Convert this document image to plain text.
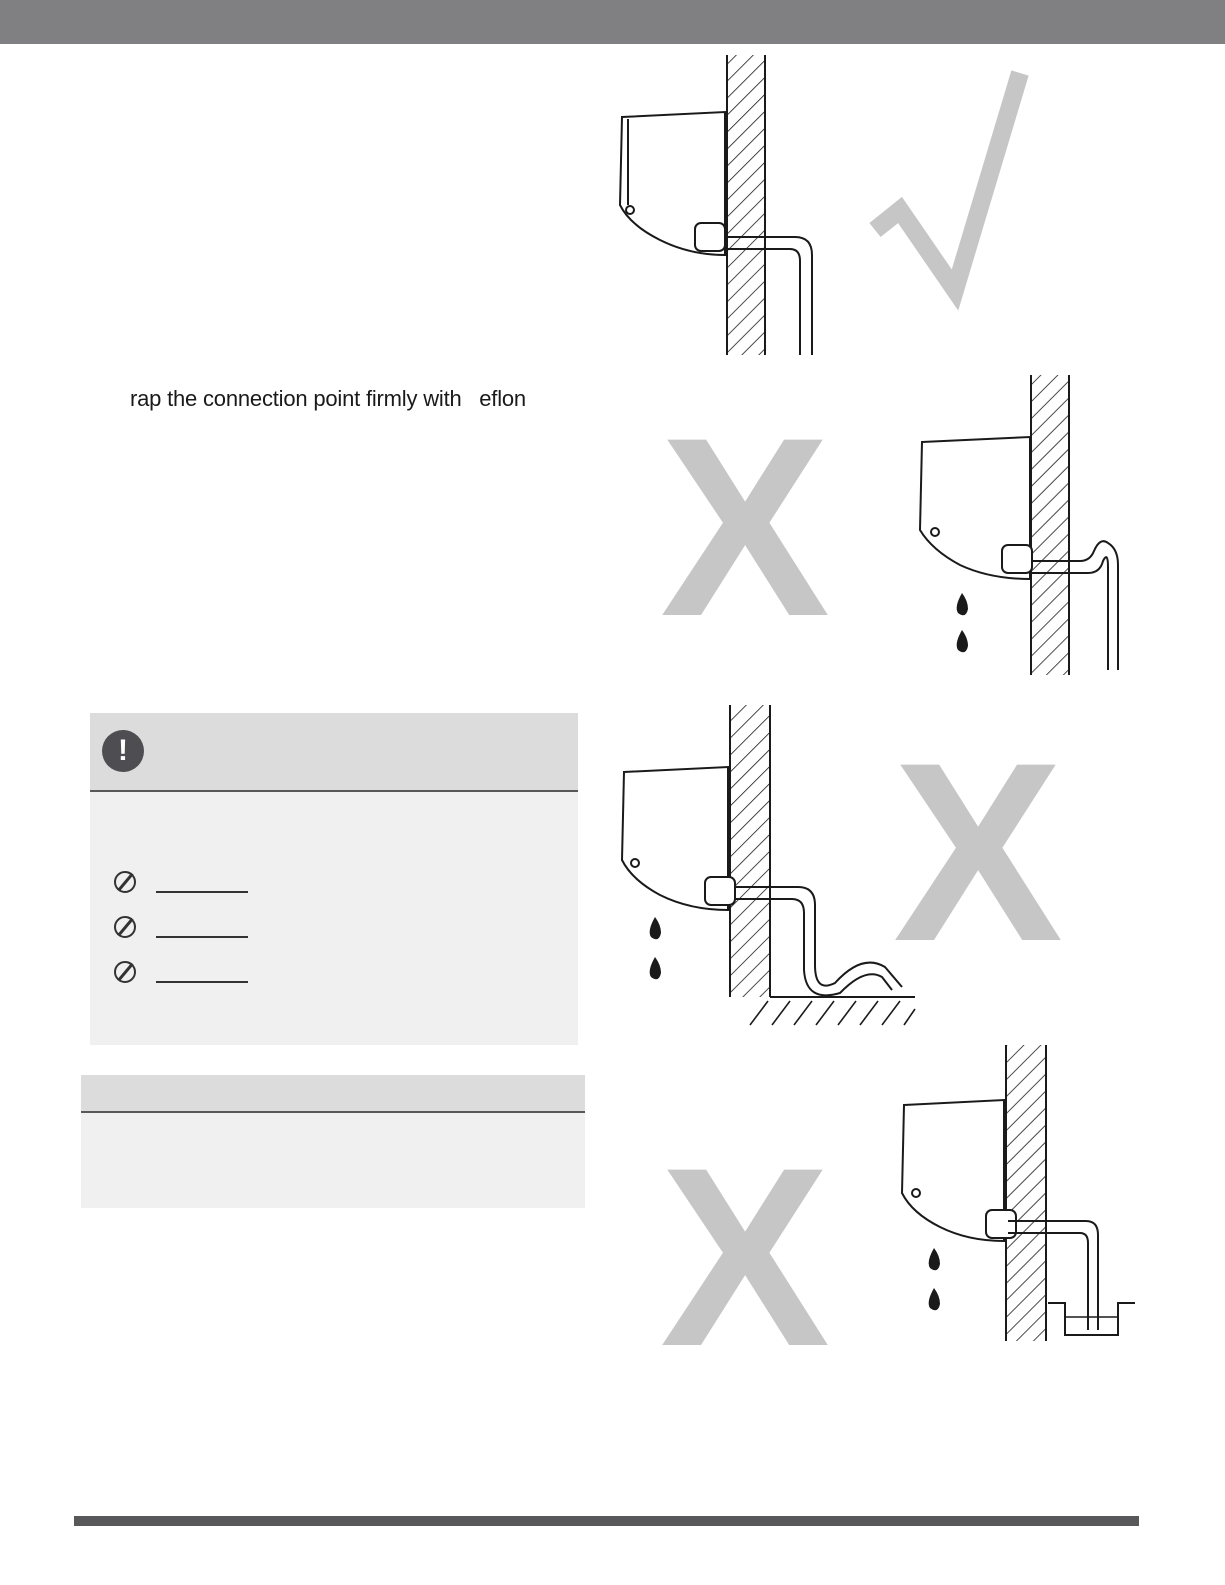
rap the connection point firmly with   eflon
!
X
X
X
